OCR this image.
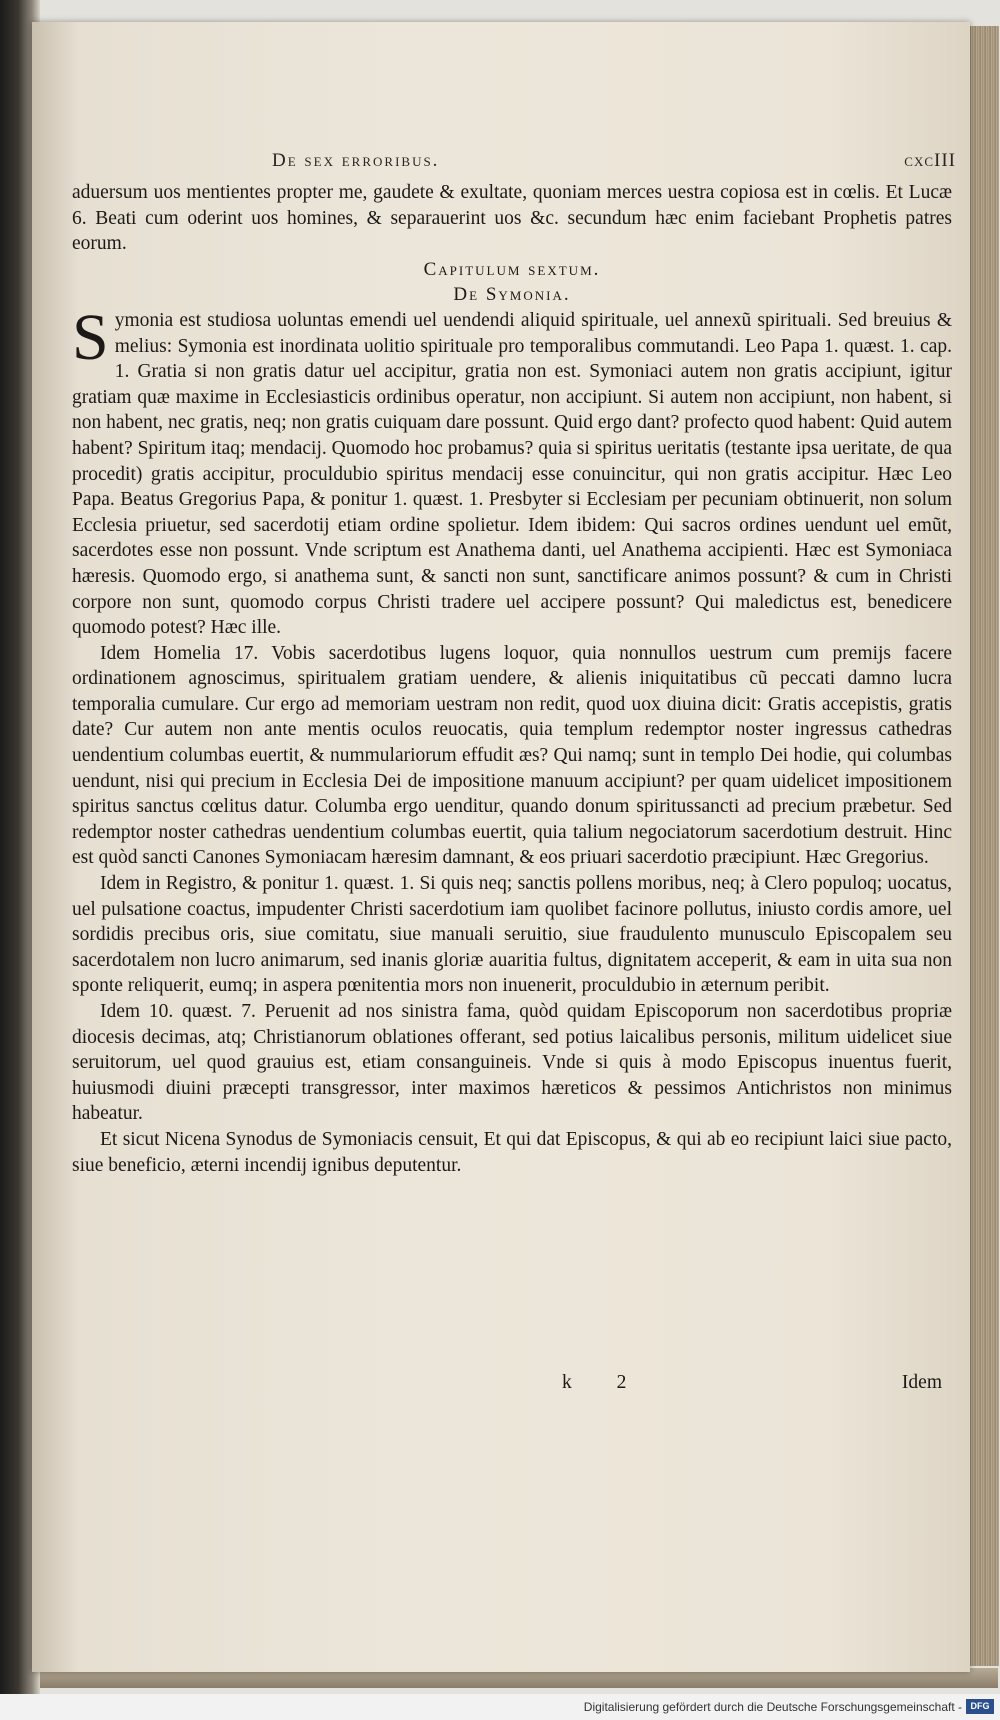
De sex erroribus.	cxcIII

aduersum uos mentientes propter me, gaudete & exultate, quoniam merces uestra copiosa est in cœlis. Et Lucæ 6. Beati cum oderint uos homines, & separauerint uos &c. secundum hæc enim faciebant Prophetis patres eorum.

Capitulum sextum.

De Symonia.

S ymonia est studiosa uoluntas emendi uel uendendi aliquid spirituale, uel annexũ spirituali. Sed breuius & melius: Symonia est inordinata uolitio spirituale pro temporalibus commutandi. Leo Papa 1. quæst. 1. cap. 1. Gratia si non gratis datur uel accipitur, gratia non est. Symoniaci autem non gratis accipiunt, igitur gratiam quæ maxime in Ecclesiasticis ordinibus operatur, non accipiunt. Si autem non accipiunt, non habent, si non habent, nec gratis, neq; non gratis cuiquam dare possunt. Quid ergo dant? profecto quod habent: Quid autem habent? Spiritum itaq; mendacij. Quomodo hoc probamus? quia si spiritus ueritatis (testante ipsa ueritate, de qua procedit) gratis accipitur, proculdubio spiritus mendacij esse conuincitur, qui non gratis accipitur. Hæc Leo Papa. Beatus Gregorius Papa, & ponitur 1. quæst. 1. Presbyter si Ecclesiam per pecuniam obtinuerit, non solum Ecclesia priuetur, sed sacerdotij etiam ordine spolietur. Idem ibidem: Qui sacros ordines uendunt uel emũt, sacerdotes esse non possunt. Vnde scriptum est Anathema danti, uel Anathema accipienti. Hæc est Symoniaca hæresis. Quomodo ergo, si anathema sunt, & sancti non sunt, sanctificare animos possunt? & cum in Christi corpore non sunt, quomodo corpus Christi tradere uel accipere possunt? Qui maledictus est, benedicere quomodo potest? Hæc ille.

Idem Homelia 17. Vobis sacerdotibus lugens loquor, quia nonnullos uestrum cum premijs facere ordinationem agnoscimus, spiritualem gratiam uendere, & alienis iniquitatibus cũ peccati damno lucra temporalia cumulare. Cur ergo ad memoriam uestram non redit, quod uox diuina dicit: Gratis accepistis, gratis date? Cur autem non ante mentis oculos reuocatis, quia templum redemptor noster ingressus cathedras uendentium columbas euertit, & nummulariorum effudit æs? Qui namq; sunt in templo Dei hodie, qui columbas uendunt, nisi qui precium in Ecclesia Dei de impositione manuum accipiunt? per quam uidelicet impositionem spiritus sanctus cœlitus datur. Columba ergo uenditur, quando donum spiritussancti ad precium præbetur. Sed redemptor noster cathedras uendentium columbas euertit, quia talium negociatorum sacerdotium destruit. Hinc est quòd sancti Canones Symoniacam hæresim damnant, & eos priuari sacerdotio præcipiunt. Hæc Gregorius.

Idem in Registro, & ponitur 1. quæst. 1. Si quis neq; sanctis pollens moribus, neq; à Clero populoq; uocatus, uel pulsatione coactus, impudenter Christi sacerdotium iam quolibet facinore pollutus, iniusto cordis amore, uel sordidis precibus oris, siue comitatu, siue manuali seruitio, siue fraudulento munusculo Episcopalem seu sacerdotalem non lucro animarum, sed inanis gloriæ auaritia fultus, dignitatem acceperit, & eam in uita sua non sponte reliquerit, eumq; in aspera pœnitentia mors non inuenerit, proculdubio in æternum peribit.

Idem 10. quæst. 7. Peruenit ad nos sinistra fama, quòd quidam Episcoporum non sacerdotibus propriæ diocesis decimas, atq; Christianorum oblationes offerant, sed potius laicalibus personis, militum uidelicet siue seruitorum, uel quod grauius est, etiam consanguineis. Vnde si quis à modo Episcopus inuentus fuerit, huiusmodi diuini præcepti transgressor, inter maximos hæreticos & pessimos Antichristos non minimus habeatur.

Et sicut Nicena Synodus de Symoniacis censuit, Et qui dat Episcopus, & qui ab eo recipiunt laici siue pacto, siue beneficio, æterni incendij ignibus deputentur.

k 2	Idem
Digitalisierung gefördert durch die Deutsche Forschungsgemeinschaft - DFG
